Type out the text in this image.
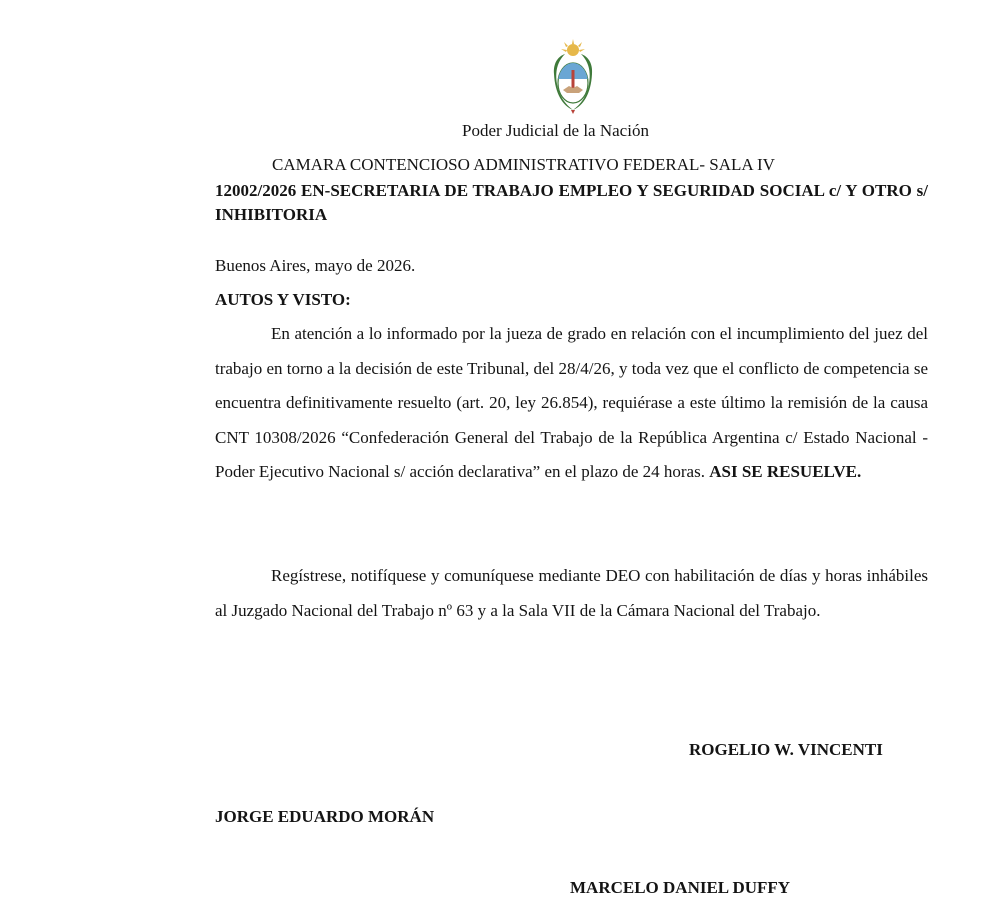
Poder Judicial de la Nación
CAMARA CONTENCIOSO ADMINISTRATIVO FEDERAL- SALA IV
12002/2026 EN-SECRETARIA DE TRABAJO EMPLEO Y SEGURIDAD SOCIAL c/ Y OTRO s/ INHIBITORIA
Buenos Aires, mayo de 2026.
AUTOS Y VISTO:
En atención a lo informado por la jueza de grado en relación con el incumplimiento del juez del trabajo en torno a la decisión de este Tribunal, del 28/4/26, y toda vez que el conflicto de competencia se encuentra definitivamente resuelto (art. 20, ley 26.854), requiérase a este último la remisión de la causa CNT 10308/2026 “Confederación General del Trabajo de la República Argentina c/ Estado Nacional - Poder Ejecutivo Nacional s/ acción declarativa” en el plazo de 24 horas. ASI SE RESUELVE.
Regístrese, notifíquese y comuníquese mediante DEO con habilitación de días y horas inhábiles al Juzgado Nacional del Trabajo nº 63 y a la Sala VII de la Cámara Nacional del Trabajo.
ROGELIO W. VINCENTI
JORGE EDUARDO MORÁN
MARCELO DANIEL DUFFY
